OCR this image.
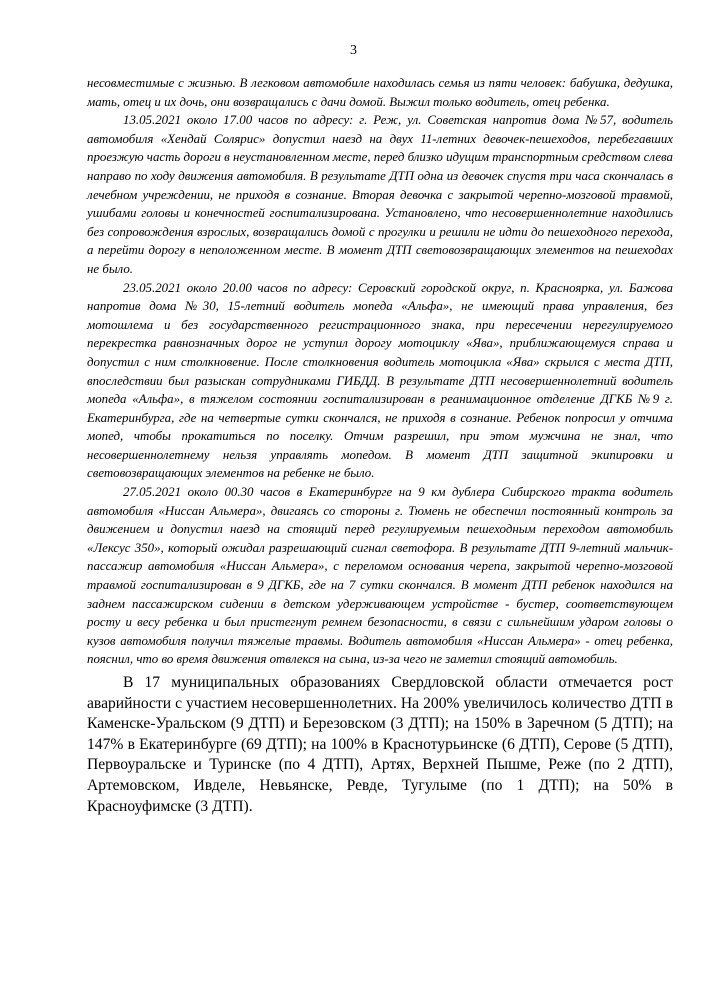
3

несовместимые с жизнью. В легковом автомобиле находилась семья из пяти человек: бабушка, дедушка, мать, отец и их дочь, они возвращались с дачи домой. Выжил только водитель, отец ребенка.

13.05.2021 около 17.00 часов по адресу: г. Реж, ул. Советская напротив дома №57, водитель автомобиля «Хендай Солярис» допустил наезд на двух 11-летних девочек-пешеходов, перебегавших проезжую часть дороги в неустановленном месте, перед близко идущим транспортным средством слева направо по ходу движения автомобиля. В результате ДТП одна из девочек спустя три часа скончалась в лечебном учреждении, не приходя в сознание. Вторая девочка с закрытой черепно-мозговой травмой, ушибами головы и конечностей госпитализирована. Установлено, что несовершеннолетние находились без сопровождения взрослых, возвращались домой с прогулки и решили не идти до пешеходного перехода, а перейти дорогу в неположенном месте. В момент ДТП световозвращающих элементов на пешеходах не было.

23.05.2021 около 20.00 часов по адресу: Серовский городской округ, п. Красноярка, ул. Бажова напротив дома №30, 15-летний водитель мопеда «Альфа», не имеющий права управления, без мотошлема и без государственного регистрационного знака, при пересечении нерегулируемого перекрестка равнозначных дорог не уступил дорогу мотоциклу «Ява», приближающемуся справа и допустил с ним столкновение. После столкновения водитель мотоцикла «Ява» скрылся с места ДТП, впоследствии был разыскан сотрудниками ГИБДД. В результате ДТП несовершеннолетний водитель мопеда «Альфа», в тяжелом состоянии госпитализирован в реанимационное отделение ДГКБ №9 г. Екатеринбурга, где на четвертые сутки скончался, не приходя в сознание. Ребенок попросил у отчима мопед, чтобы прокатиться по поселку. Отчим разрешил, при этом мужчина не знал, что несовершеннолетнему нельзя управлять мопедом. В момент ДТП защитной экипировки и световозвращающих элементов на ребенке не было.

27.05.2021 около 00.30 часов в Екатеринбурге на 9 км дублера Сибирского тракта водитель автомобиля «Ниссан Альмера», двигаясь со стороны г. Тюмень не обеспечил постоянный контроль за движением и допустил наезд на стоящий перед регулируемым пешеходным переходом автомобиль «Лексус 350», который ожидал разрешающий сигнал светофора. В результате ДТП 9-летний мальчик-пассажир автомобиля «Ниссан Альмера», с переломом основания черепа, закрытой черепно-мозговой травмой госпитализирован в 9 ДГКБ, где на 7 сутки скончался. В момент ДТП ребенок находился на заднем пассажирском сидении в детском удерживающем устройстве - бустер, соответствующем росту и весу ребенка и был пристегнут ремнем безопасности, в связи с сильнейшим ударом головы о кузов автомобиля получил тяжелые травмы. Водитель автомобиля «Ниссан Альмера» - отец ребенка, пояснил, что во время движения отвлекся на сына, из-за чего не заметил стоящий автомобиль.

В 17 муниципальных образованиях Свердловской области отмечается рост аварийности с участием несовершеннолетних. На 200% увеличилось количество ДТП в Каменске-Уральском (9 ДТП) и Березовском (3 ДТП); на 150% в Заречном (5 ДТП); на 147% в Екатеринбурге (69 ДТП); на 100% в Краснотурьинске (6 ДТП), Серове (5 ДТП), Первоуральске и Туринске (по 4 ДТП), Артях, Верхней Пышме, Реже (по 2 ДТП), Артемовском, Ивделе, Невьянске, Ревде, Тугулыме (по 1 ДТП); на 50% в Красноуфимске (3 ДТП).
